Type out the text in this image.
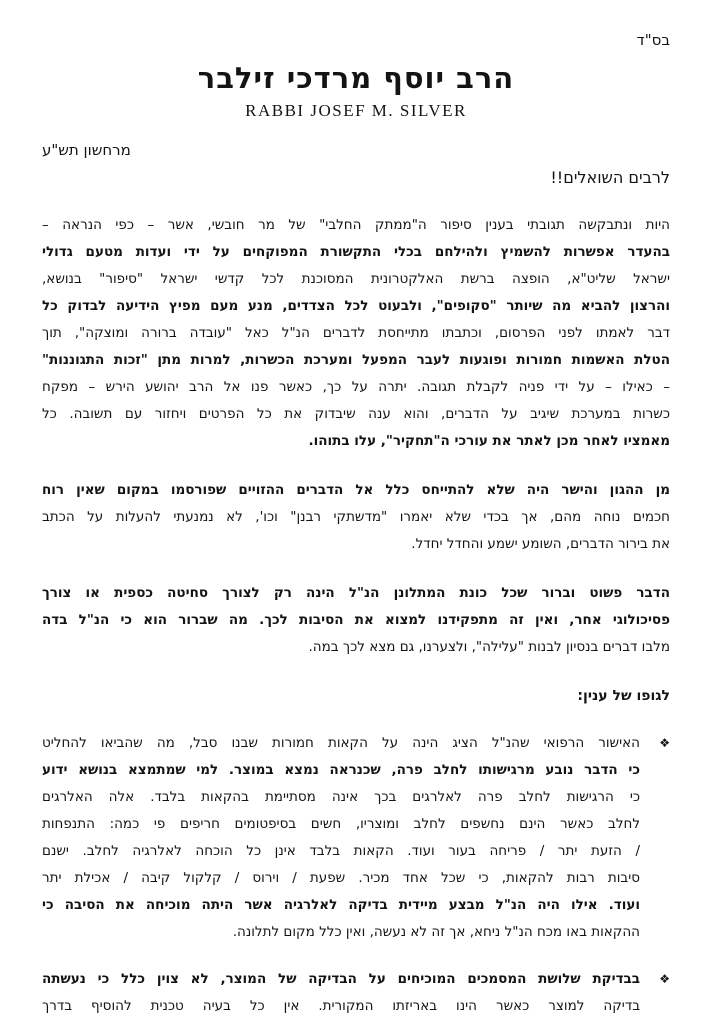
בס"ד
הרב יוסף מרדכי זילבר
RABBI JOSEF M. SILVER
מרחשון תש"ע
לרבים השואלים!!
היות ונתבקשה תגובתי בענין סיפור ה"ממתק החלבי" של מר חובשי, אשר – כפי הנראה –
בהעדר אפשרות להשמיץ ולהילחם בכלי התקשורת המפוקחים על ידי ועדות מטעם גדולי
ישראל שליט"א, הופצה ברשת האלקטרונית המסוכנת לכל קדשי ישראל "סיפור" בנושא,
והרצון להביא מה שיותר "סקופים", ולבעוט לכל הצדדים, מנע מעם מפיץ הידיעה לבדוק כל
דבר לאמתו לפני הפרסום, וכתבתו מתייחסת לדברים הנ"ל כאל "עובדה ברורה ומוצקה", תוך
הטלת האשמות חמורות ופוגעות לעבר המפעל ומערכת הכשרות, למרות מתן "זכות התגוננות"
– כאילו – על ידי פניה לקבלת תגובה. יתרה על כך, כאשר פנו אל הרב יהושע הירש – מפקח
כשרות במערכת שיגיב על הדברים, והוא ענה שיבדוק את כל הפרטים ויחזור עם תשובה. כל
מאמציו לאחר מכן לאתר את עורכי ה"תחקיר", עלו בתוהו.
מן ההגון והישר היה שלא להתייחס כלל אל הדברים ההזויים שפורסמו במקום שאין רוח
חכמים נוחה מהם, אך בכדי שלא יאמרו "מדשתקי רבנן" וכו', לא נמנעתי להעלות על הכתב
את בירור הדברים, השומע ישמע והחדל יחדל.
הדבר פשוט וברור שכל כונת המתלונן הנ"ל הינה רק לצורך סחיטה כספית או צורך
פסיכולוגי אחר, ואין זה מתפקידנו למצוא את הסיבות לכך. מה שברור הוא כי הנ"ל בדה
מלבו דברים בנסיון לבנות "עלילה", ולצערנו, גם מצא לכך במה.
לגופו של ענין:
❖
האישור הרפואי שהנ"ל הציג הינה על הקאות חמורות שבנו סבל, מה שהביאו להחליט
כי הדבר נובע מרגישותו לחלב פרה, שכנראה נמצא במוצר. למי שמתמצא בנושא ידוע
כי הרגישות לחלב פרה לאלרגים בכך אינה מסתיימת בהקאות בלבד. אלה האלרגים
לחלב כאשר הינם נחשפים לחלב ומוצריו, חשים בסיפטומים חריפים פי כמה: התנפחות
/ הזעת יתר / פריחה בעור ועוד. הקאות בלבד אינן כל הוכחה לאלרגיה לחלב. ישנם
סיבות רבות להקאות, כי שכל אחד מכיר. שפעת / וירוס / קלקול קיבה / אכילת יתר
ועוד. אילו היה הנ"ל מבצע מיידית בדיקה לאלרגיה אשר היתה מוכיחה את הסיבה כי
ההקאות באו מכח הנ"ל ניחא, אך זה לא נעשה, ואין כלל מקום לתלונה.
❖
בבדיקת שלושת המסמכים המוכיחים על הבדיקה של המוצר, לא צוין כלל כי נעשתה
בדיקה למוצר כאשר הינו באריזתו המקורית. אין כל בעיה טכנית להוסיף בדרך
